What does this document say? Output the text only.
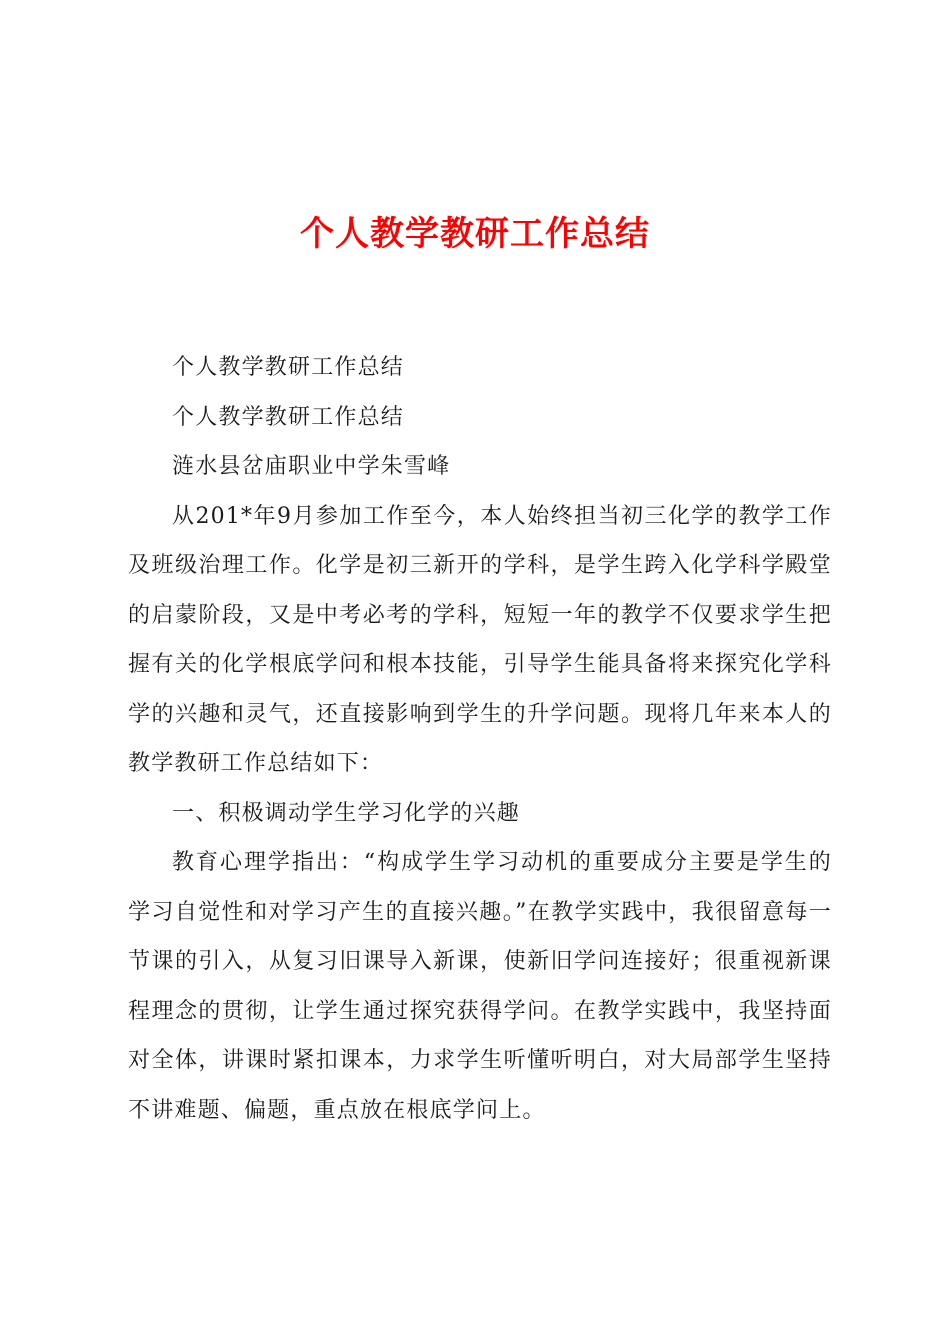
个人教学教研工作总结

个人教学教研工作总结

个人教学教研工作总结

涟水县岔庙职业中学朱雪峰

从201*年9月参加工作至今，本人始终担当初三化学的教学工作及班级治理工作。化学是初三新开的学科，是学生跨入化学科学殿堂的启蒙阶段，又是中考必考的学科，短短一年的教学不仅要求学生把握有关的化学根底学问和根本技能，引导学生能具备将来探究化学科学的兴趣和灵气，还直接影响到学生的升学问题。现将几年来本人的教学教研工作总结如下：

一、积极调动学生学习化学的兴趣

教育心理学指出：“构成学生学习动机的重要成分主要是学生的学习自觉性和对学习产生的直接兴趣。”在教学实践中，我很留意每一节课的引入，从复习旧课导入新课，使新旧学问连接好；很重视新课程理念的贯彻，让学生通过探究获得学问。在教学实践中，我坚持面对全体，讲课时紧扣课本，力求学生听懂听明白，对大局部学生坚持不讲难题、偏题，重点放在根底学问上。
